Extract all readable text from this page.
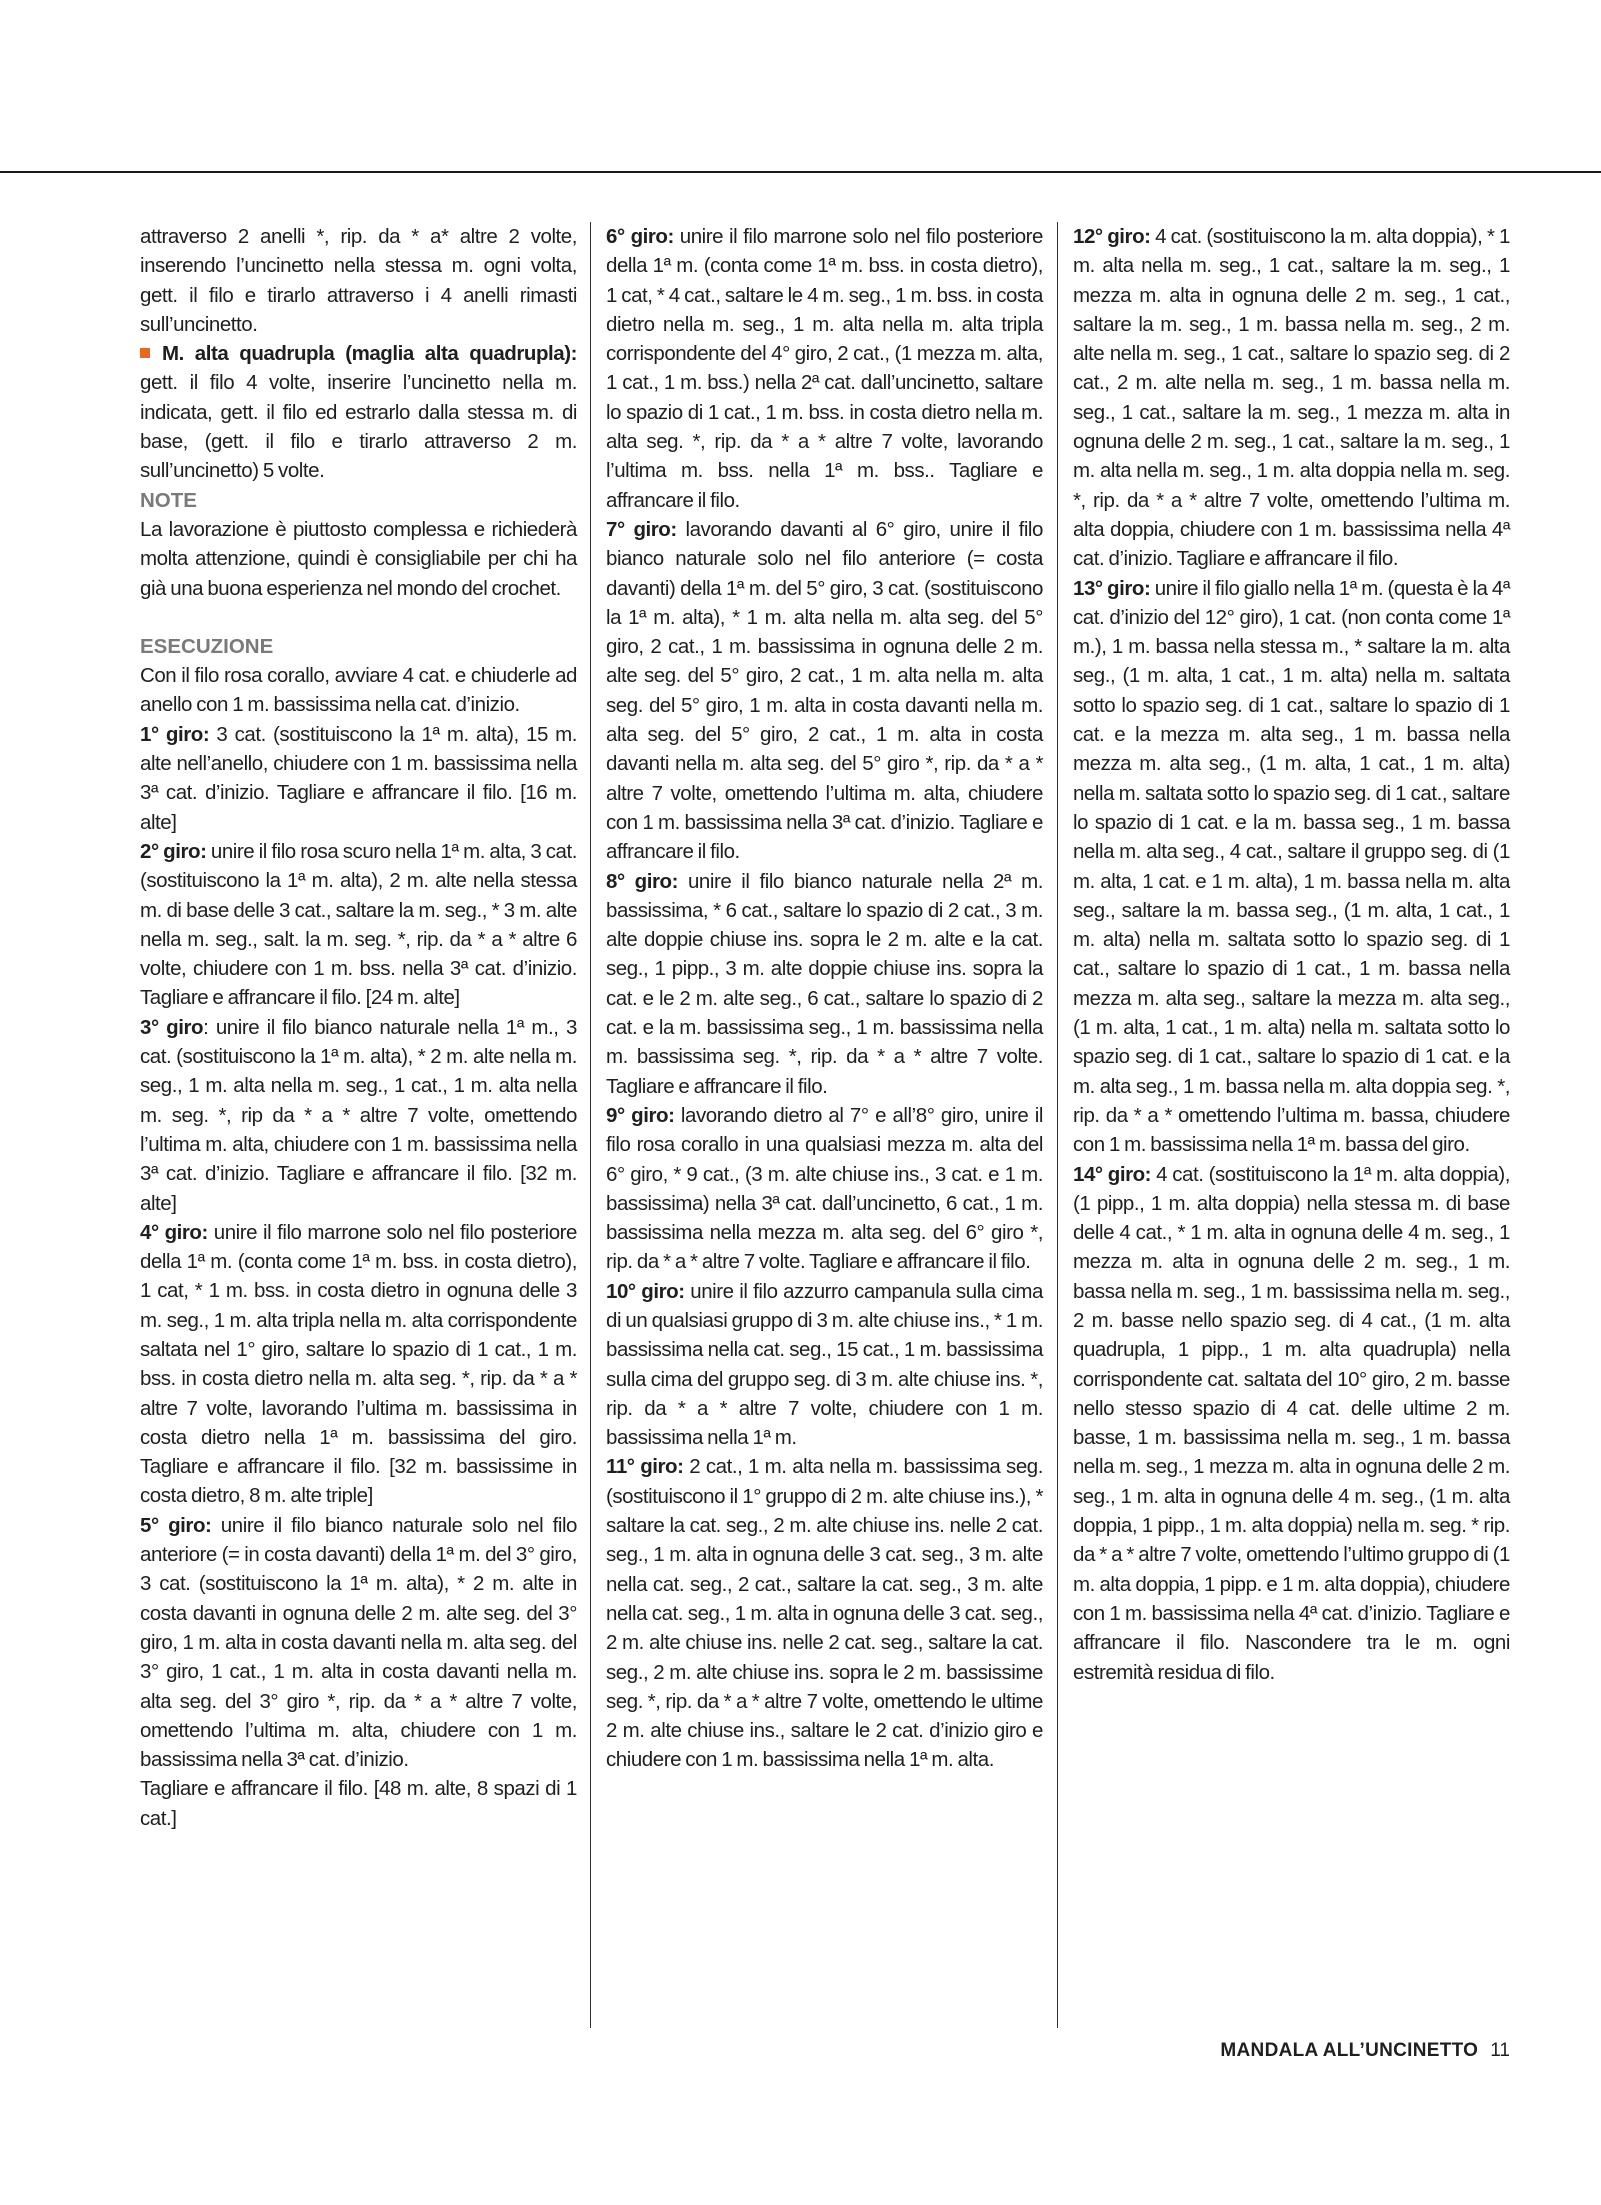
attraverso 2 anelli *, rip. da * a* altre 2 volte, inserendo l’uncinetto nella stessa m. ogni volta, gett. il filo e tirarlo attraverso i 4 anelli rimasti sull’uncinetto.

M. alta quadrupla (maglia alta quadrupla): gett. il filo 4 volte, inserire l’uncinetto nella m. indicata, gett. il filo ed estrarlo dalla stessa m. di base, (gett. il filo e tirarlo attraverso 2 m. sull’uncinetto) 5 volte.

NOTE

La lavorazione è piuttosto complessa e richiederà molta attenzione, quindi è consigliabile per chi ha già una buona esperienza nel mondo del crochet.

ESECUZIONE

Con il filo rosa corallo, avviare 4 cat. e chiuderle ad anello con 1 m. bassissima nella cat. d’inizio.

1° giro: 3 cat. (sostituiscono la 1ª m. alta), 15 m. alte nell’anello, chiudere con 1 m. bassissima nella 3ª cat. d’inizio. Tagliare e affrancare il filo. [16 m. alte]

2° giro: unire il filo rosa scuro nella 1ª m. alta, 3 cat. (sostituiscono la 1ª m. alta), 2 m. alte nella stessa m. di base delle 3 cat., saltare la m. seg., * 3 m. alte nella m. seg., salt. la m. seg. *, rip. da * a * altre 6 volte, chiudere con 1 m. bss. nella 3ª cat. d’inizio. Tagliare e affrancare il filo. [24 m. alte]

3° giro: unire il filo bianco naturale nella 1ª m., 3 cat. (sostituiscono la 1ª m. alta), * 2 m. alte nella m. seg., 1 m. alta nella m. seg., 1 cat., 1 m. alta nella m. seg. *, rip da * a * altre 7 volte, omettendo l’ultima m. alta, chiudere con 1 m. bassissima nella 3ª cat. d’inizio. Tagliare e affrancare il filo. [32 m. alte]

4° giro: unire il filo marrone solo nel filo posteriore della 1ª m. (conta come 1ª m. bss. in costa dietro), 1 cat, * 1 m. bss. in costa dietro in ognuna delle 3 m. seg., 1 m. alta tripla nella m. alta corrispondente saltata nel 1° giro, saltare lo spazio di 1 cat., 1 m. bss. in costa dietro nella m. alta seg. *, rip. da * a * altre 7 volte, lavorando l’ultima m. bassissima in costa dietro nella 1ª m. bassissima del giro. Tagliare e affrancare il filo. [32 m. bassissime in costa dietro, 8 m. alte triple]

5° giro: unire il filo bianco naturale solo nel filo anteriore (= in costa davanti) della 1ª m. del 3° giro, 3 cat. (sostituiscono la 1ª m. alta), * 2 m. alte in costa davanti in ognuna delle 2 m. alte seg. del 3° giro, 1 m. alta in costa davanti nella m. alta seg. del 3° giro, 1 cat., 1 m. alta in costa davanti nella m. alta seg. del 3° giro *, rip. da * a * altre 7 volte, omettendo l’ultima m. alta, chiudere con 1 m. bassissima nella 3ª cat. d’inizio.

Tagliare e affrancare il filo. [48 m. alte, 8 spazi di 1 cat.]

6° giro: unire il filo marrone solo nel filo posteriore della 1ª m. (conta come 1ª m. bss. in costa dietro), 1 cat, * 4 cat., saltare le 4 m. seg., 1 m. bss. in costa dietro nella m. seg., 1 m. alta nella m. alta tripla corrispondente del 4° giro, 2 cat., (1 mezza m. alta, 1 cat., 1 m. bss.) nella 2ª cat. dall’uncinetto, saltare lo spazio di 1 cat., 1 m. bss. in costa dietro nella m. alta seg. *, rip. da * a * altre 7 volte, lavorando l’ultima m. bss. nella 1ª m. bss.. Tagliare e affrancare il filo.

7° giro: lavorando davanti al 6° giro, unire il filo bianco naturale solo nel filo anteriore (= costa davanti) della 1ª m. del 5° giro, 3 cat. (sostituiscono la 1ª m. alta), * 1 m. alta nella m. alta seg. del 5° giro, 2 cat., 1 m. bassissima in ognuna delle 2 m. alte seg. del 5° giro, 2 cat., 1 m. alta nella m. alta seg. del 5° giro, 1 m. alta in costa davanti nella m. alta seg. del 5° giro, 2 cat., 1 m. alta in costa davanti nella m. alta seg. del 5° giro *, rip. da * a * altre 7 volte, omettendo l’ultima m. alta, chiudere con 1 m. bassissima nella 3ª cat. d’inizio. Tagliare e affrancare il filo.

8° giro: unire il filo bianco naturale nella 2ª m. bassissima, * 6 cat., saltare lo spazio di 2 cat., 3 m. alte doppie chiuse ins. sopra le 2 m. alte e la cat. seg., 1 pipp., 3 m. alte doppie chiuse ins. sopra la cat. e le 2 m. alte seg., 6 cat., saltare lo spazio di 2 cat. e la m. bassissima seg., 1 m. bassissima nella m. bassissima seg. *, rip. da * a * altre 7 volte. Tagliare e affrancare il filo.

9° giro: lavorando dietro al 7° e all’8° giro, unire il filo rosa corallo in una qualsiasi mezza m. alta del 6° giro, * 9 cat., (3 m. alte chiuse ins., 3 cat. e 1 m. bassissima) nella 3ª cat. dall’uncinetto, 6 cat., 1 m. bassissima nella mezza m. alta seg. del 6° giro *, rip. da * a * altre 7 volte. Tagliare e affrancare il filo.

10° giro: unire il filo azzurro campanula sulla cima di un qualsiasi gruppo di 3 m. alte chiuse ins., * 1 m. bassissima nella cat. seg., 15 cat., 1 m. bassissima sulla cima del gruppo seg. di 3 m. alte chiuse ins. *, rip. da * a * altre 7 volte, chiudere con 1 m. bassissima nella 1ª m.

11° giro: 2 cat., 1 m. alta nella m. bassissima seg. (sostituiscono il 1° gruppo di 2 m. alte chiuse ins.), * saltare la cat. seg., 2 m. alte chiuse ins. nelle 2 cat. seg., 1 m. alta in ognuna delle 3 cat. seg., 3 m. alte nella cat. seg., 2 cat., saltare la cat. seg., 3 m. alte nella cat. seg., 1 m. alta in ognuna delle 3 cat. seg., 2 m. alte chiuse ins. nelle 2 cat. seg., saltare la cat. seg., 2 m. alte chiuse ins. sopra le 2 m. bassissime seg. *, rip. da * a * altre 7 volte, omettendo le ultime 2 m. alte chiuse ins., saltare le 2 cat. d’inizio giro e chiudere con 1 m. bassissima nella 1ª m. alta.

12° giro: 4 cat. (sostituiscono la m. alta doppia), * 1 m. alta nella m. seg., 1 cat., saltare la m. seg., 1 mezza m. alta in ognuna delle 2 m. seg., 1 cat., saltare la m. seg., 1 m. bassa nella m. seg., 2 m. alte nella m. seg., 1 cat., saltare lo spazio seg. di 2 cat., 2 m. alte nella m. seg., 1 m. bassa nella m. seg., 1 cat., saltare la m. seg., 1 mezza m. alta in ognuna delle 2 m. seg., 1 cat., saltare la m. seg., 1 m. alta nella m. seg., 1 m. alta doppia nella m. seg. *, rip. da * a * altre 7 volte, omettendo l’ultima m. alta doppia, chiudere con 1 m. bassissima nella 4ª cat. d’inizio. Tagliare e affrancare il filo.

13° giro: unire il filo giallo nella 1ª m. (questa è la 4ª cat. d’inizio del 12° giro), 1 cat. (non conta come 1ª m.), 1 m. bassa nella stessa m., * saltare la m. alta seg., (1 m. alta, 1 cat., 1 m. alta) nella m. saltata sotto lo spazio seg. di 1 cat., saltare lo spazio di 1 cat. e la mezza m. alta seg., 1 m. bassa nella mezza m. alta seg., (1 m. alta, 1 cat., 1 m. alta) nella m. saltata sotto lo spazio seg. di 1 cat., saltare lo spazio di 1 cat. e la m. bassa seg., 1 m. bassa nella m. alta seg., 4 cat., saltare il gruppo seg. di (1 m. alta, 1 cat. e 1 m. alta), 1 m. bassa nella m. alta seg., saltare la m. bassa seg., (1 m. alta, 1 cat., 1 m. alta) nella m. saltata sotto lo spazio seg. di 1 cat., saltare lo spazio di 1 cat., 1 m. bassa nella mezza m. alta seg., saltare la mezza m. alta seg., (1 m. alta, 1 cat., 1 m. alta) nella m. saltata sotto lo spazio seg. di 1 cat., saltare lo spazio di 1 cat. e la m. alta seg., 1 m. bassa nella m. alta doppia seg. *, rip. da * a * omettendo l’ultima m. bassa, chiudere con 1 m. bassissima nella 1ª m. bassa del giro.

14° giro: 4 cat. (sostituiscono la 1ª m. alta doppia), (1 pipp., 1 m. alta doppia) nella stessa m. di base delle 4 cat., * 1 m. alta in ognuna delle 4 m. seg., 1 mezza m. alta in ognuna delle 2 m. seg., 1 m. bassa nella m. seg., 1 m. bassissima nella m. seg., 2 m. basse nello spazio seg. di 4 cat., (1 m. alta quadrupla, 1 pipp., 1 m. alta quadrupla) nella corrispondente cat. saltata del 10° giro, 2 m. basse nello stesso spazio di 4 cat. delle ultime 2 m. basse, 1 m. bassissima nella m. seg., 1 m. bassa nella m. seg., 1 mezza m. alta in ognuna delle 2 m. seg., 1 m. alta in ognuna delle 4 m. seg., (1 m. alta doppia, 1 pipp., 1 m. alta doppia) nella m. seg. * rip. da * a * altre 7 volte, omettendo l’ultimo gruppo di (1 m. alta doppia, 1 pipp. e 1 m. alta doppia), chiudere con 1 m. bassissima nella 4ª cat. d’inizio. Tagliare e affrancare il filo. Nascondere tra le m. ogni estremità residua di filo.

MANDALA ALL’UNCINETTO 11
